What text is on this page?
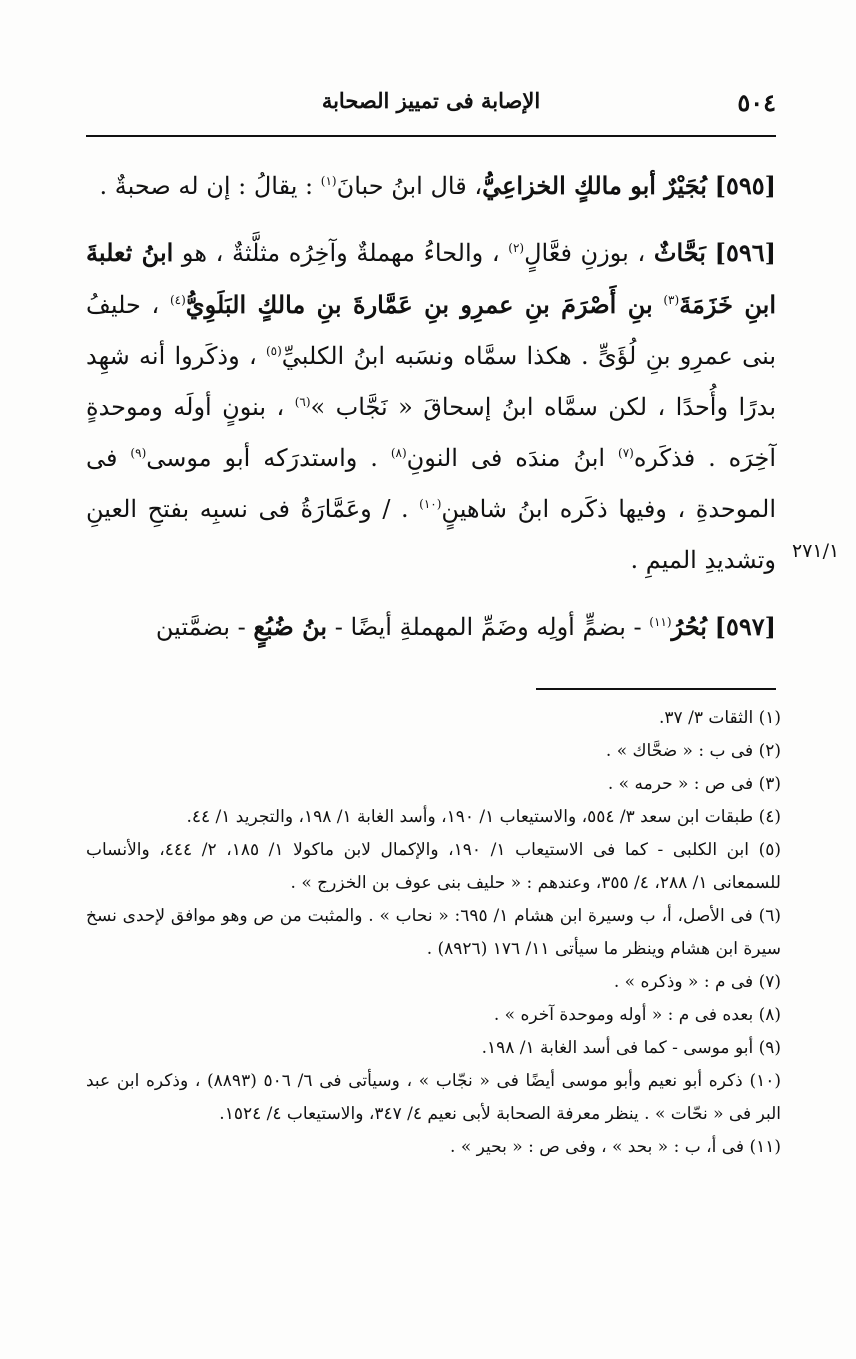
٥٠٤
الإصابة فى تمييز الصحابة

[٥٩٥] بُجَيْرٌ أبو مالكٍ الخزاعِيُّ، قال ابنُ حبانَ$^{(١)}$ : يقالُ : إن له صحبةٌ .

[٥٩٦] بَحَّاثٌ ، بوزنِ فعَّالٍ$^{(٢)}$ ، والحاءُ مهملةٌ وآخِرُه مثلَّثةٌ ، هو ابنُ ثعلبةَ ابنِ خَزَمَةَ$^{(٣)}$ بنِ أَصْرَمَ بنِ عمرِو بنِ عَمَّارةَ بنِ مالكٍ البَلَوِيُّ$^{(٤)}$ ، حليفُ بنى عمرِو بنِ لُؤَىٍّ . هكذا سمَّاه ونسَبه ابنُ الكلبيِّ$^{(٥)}$ ، وذكَروا أنه شهِد بدرًا وأُحدًا ، لكن سمَّاه ابنُ إسحاقَ « نَجَّاب »$^{(٦)}$ ، بنونٍ أولَه وموحدةٍ آخِرَه . فذكَره$^{(٧)}$ ابنُ مندَه فى النونِ$^{(٨)}$ . واستدرَكه أبو موسى$^{(٩)}$ فى الموحدةِ ، وفيها ذكَره ابنُ شاهينٍ$^{(١٠)}$ . / وعَمَّارَةُ فى نسبِه بفتحِ العينِ وتشديدِ الميمِ .

[٥٩٧] بُحُرُ$^{(١١)}$ - بضمٍّ أولِه وضَمِّ المهملةِ أيضًا - بنُ ضُبُعٍ - بضمَّتين

٢٧١/١

(١) الثقات ٣/ ٣٧.

(٢) فى ب : « ضحَّاك » .

(٣) فى ص : « حرمه » .

(٤) طبقات ابن سعد ٣/ ٥٥٤، والاستيعاب ١/ ١٩٠، وأسد الغابة ١/ ١٩٨، والتجريد ١/ ٤٤.

(٥) ابن الكلبى - كما فى الاستيعاب ١/ ١٩٠، والإكمال لابن ماكولا ١/ ١٨٥، ٢/ ٤٤٤، والأنساب للسمعانى ١/ ٢٨٨، ٤/ ٣٥٥، وعندهم : « حليف بنى عوف بن الخزرج » .

(٦) فى الأصل، أ، ب وسيرة ابن هشام ١/ ٦٩٥: « نحاب » . والمثبت من ص وهو موافق لإحدى نسخ سيرة ابن هشام وينظر ما سيأتى ١١/ ١٧٦ (٨٩٢٦) .

(٧) فى م : « وذكره » .

(٨) بعده فى م : « أوله وموحدة آخره » .

(٩) أبو موسى - كما فى أسد الغابة ١/ ١٩٨.

(١٠) ذكره أبو نعيم وأبو موسى أيضًا فى « نجّاب » ، وسيأتى فى ٦/ ٥٠٦ (٨٨٩٣) ، وذكره ابن عبد البر فى « نحّات » . ينظر معرفة الصحابة لأبى نعيم ٤/ ٣٤٧، والاستيعاب ٤/ ١٥٢٤.

(١١) فى أ، ب : « بحد » ، وفى ص : « بحير » .
